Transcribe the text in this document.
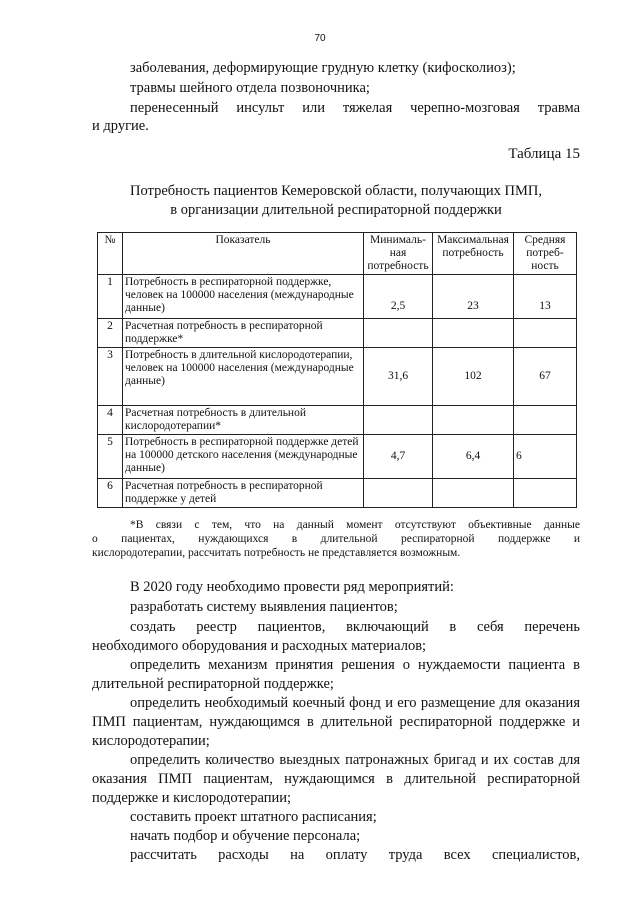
70
заболевания, деформирующие грудную клетку (кифосколиоз);
травмы шейного отдела позвоночника;
перенесенный инсульт или тяжелая черепно-мозговая травма
и другие.
Таблица 15
Потребность пациентов Кемеровской области, получающих ПМП,
в организации длительной респираторной поддержки
№	Показатель	Минималь-ная потребность	Максимальная потребность	Средняя потреб-ность
1	Потребность в респираторной поддержке, человек на 100000 населения (международные данные)	2,5	23	13
2	Расчетная потребность в респираторной поддержке*			
3	Потребность в длительной кислородотерапии, человек на 100000 населения (международные данные)	31,6	102	67
4	Расчетная потребность в длительной кислородотерапии*			
5	Потребность в респираторной поддержке детей на 100000 детского населения (международные данные)	4,7	6,4	6
6	Расчетная потребность в респираторной поддержке у детей			
*В связи с тем, что на данный момент отсутствуют объективные данные
о пациентах, нуждающихся в длительной респираторной поддержке и
кислородотерапии, рассчитать потребность не представляется возможным.
В 2020 году необходимо провести ряд мероприятий:
разработать систему выявления пациентов;
создать реестр пациентов, включающий в себя перечень
необходимого оборудования и расходных материалов;
определить механизм принятия решения о нуждаемости пациента в длительной респираторной поддержке;
определить необходимый коечный фонд и его размещение для оказания ПМП пациентам, нуждающимся в длительной респираторной поддержке и кислородотерапии;
определить количество выездных патронажных бригад и их состав для оказания ПМП пациентам, нуждающимся в длительной респираторной поддержке и кислородотерапии;
составить проект штатного расписания;
начать подбор и обучение персонала;
рассчитать расходы на оплату труда всех специалистов,
